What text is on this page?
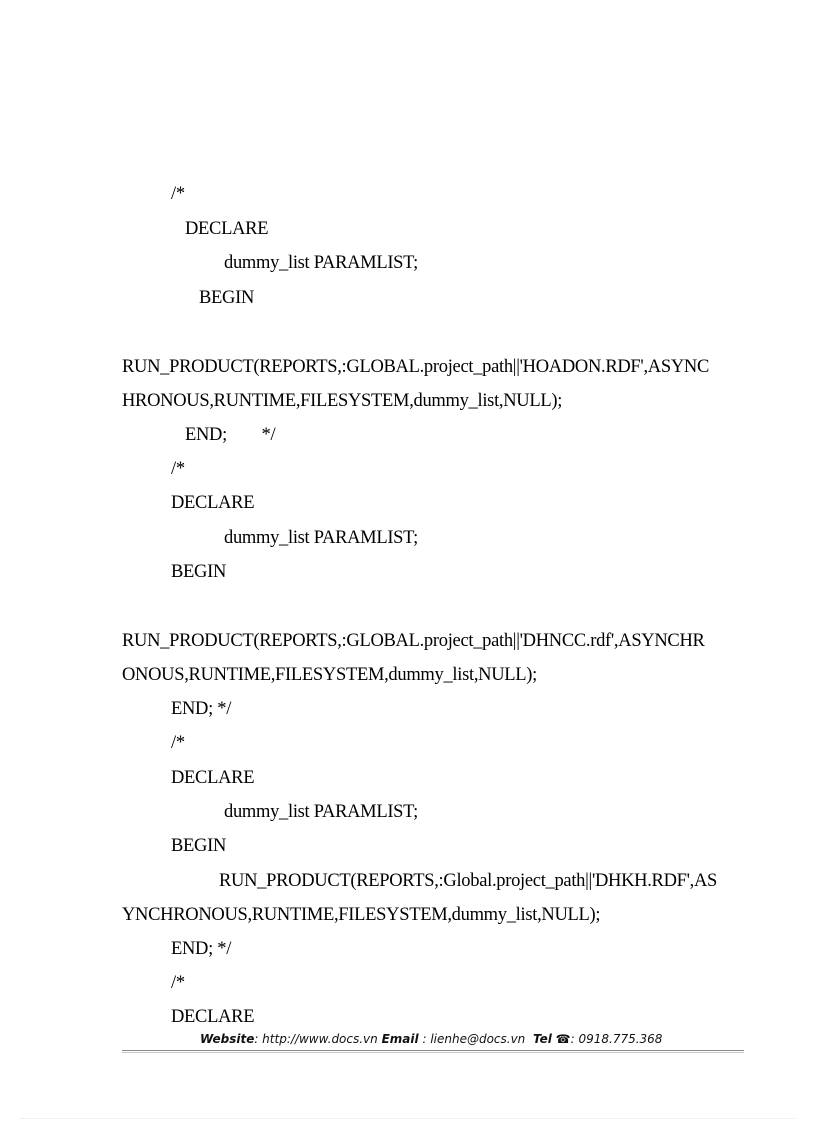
/*
DECLARE
dummy_list PARAMLIST;
BEGIN
RUN_PRODUCT(REPORTS,:GLOBAL.project_path||'HOADON.RDF',ASYNC
HRONOUS,RUNTIME,FILESYSTEM,dummy_list,NULL);
END;        */
/*
DECLARE
dummy_list PARAMLIST;
BEGIN
RUN_PRODUCT(REPORTS,:GLOBAL.project_path||'DHNCC.rdf',ASYNCHR
ONOUS,RUNTIME,FILESYSTEM,dummy_list,NULL);
END; */
/*
DECLARE
dummy_list PARAMLIST;
BEGIN
RUN_PRODUCT(REPORTS,:Global.project_path||'DHKH.RDF',AS
YNCHRONOUS,RUNTIME,FILESYSTEM,dummy_list,NULL);
END; */
/*
DECLARE
Website: http://www.docs.vn Email : lienhe@docs.vn Tel ☎: 0918.775.368
